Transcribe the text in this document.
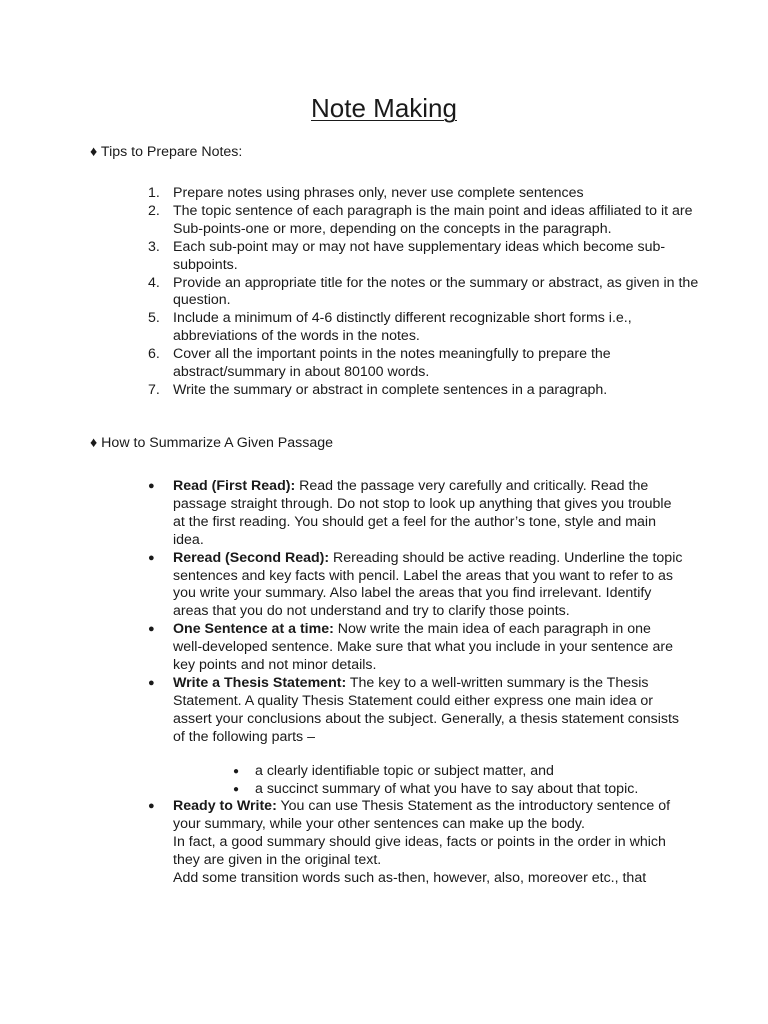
Note Making

♦ Tips to Prepare Notes:

1. Prepare notes using phrases only, never use complete sentences
2. The topic sentence of each paragraph is the main point and ideas affiliated to it are Sub-points-one or more, depending on the concepts in the paragraph.
3. Each sub-point may or may not have supplementary ideas which become sub-subpoints.
4. Provide an appropriate title for the notes or the summary or abstract, as given in the question.
5. Include a minimum of 4-6 distinctly different recognizable short forms i.e., abbreviations of the words in the notes.
6. Cover all the important points in the notes meaningfully to prepare the abstract/summary in about 80100 words.
7. Write the summary or abstract in complete sentences in a paragraph.

♦ How to Summarize A Given Passage

● Read (First Read): Read the passage very carefully and critically. Read the passage straight through. Do not stop to look up anything that gives you trouble at the first reading. You should get a feel for the author’s tone, style and main idea.
● Reread (Second Read): Rereading should be active reading. Underline the topic sentences and key facts with pencil. Label the areas that you want to refer to as you write your summary. Also label the areas that you find irrelevant. Identify areas that you do not understand and try to clarify those points.
● One Sentence at a time: Now write the main idea of each paragraph in one well-developed sentence. Make sure that what you include in your sentence are key points and not minor details.
● Write a Thesis Statement: The key to a well-written summary is the Thesis Statement. A quality Thesis Statement could either express one main idea or assert your conclusions about the subject. Generally, a thesis statement consists of the following parts –
● a clearly identifiable topic or subject matter, and
● a succinct summary of what you have to say about that topic.
● Ready to Write: You can use Thesis Statement as the introductory sentence of your summary, while your other sentences can make up the body.
In fact, a good summary should give ideas, facts or points in the order in which they are given in the original text.
Add some transition words such as-then, however, also, moreover etc., that
